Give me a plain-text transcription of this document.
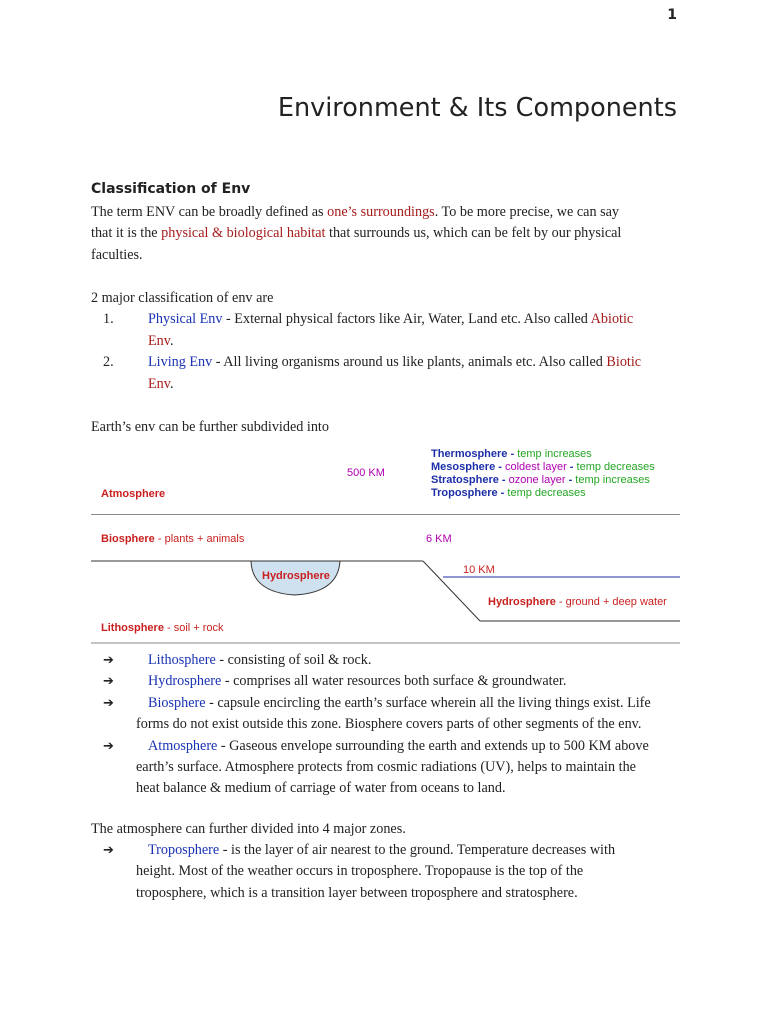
1
Environment & Its Components
Classification of Env
The term ENV can be broadly defined as one’s surroundings. To be more precise, we can say
that it is the physical & biological habitat that surrounds us, which can be felt by our physical
faculties.
2 major classification of env are
1. Physical Env - External physical factors like Air, Water, Land etc. Also called Abiotic
Env.
2. Living Env - All living organisms around us like plants, animals etc. Also called Biotic
Env.
Earth’s env can be further subdivided into
Thermosphere - temp increases
Mesosphere - coldest layer - temp decreases
Stratosphere - ozone layer - temp increases
Troposphere - temp decreases
500 KM
Atmosphere
Biosphere - plants + animals	6 KM
Hydrosphere	10 KM
Hydrosphere - ground + deep water
Lithosphere - soil + rock
➔ Lithosphere - consisting of soil & rock.
➔ Hydrosphere - comprises all water resources both surface & groundwater.
➔ Biosphere - capsule encircling the earth’s surface wherein all the living things exist. Life
forms do not exist outside this zone. Biosphere covers parts of other segments of the env.
➔ Atmosphere - Gaseous envelope surrounding the earth and extends up to 500 KM above
earth’s surface. Atmosphere protects from cosmic radiations (UV), helps to maintain the
heat balance & medium of carriage of water from oceans to land.
The atmosphere can further divided into 4 major zones.
➔ Troposphere - is the layer of air nearest to the ground. Temperature decreases with
height. Most of the weather occurs in troposphere. Tropopause is the top of the
troposphere, which is a transition layer between troposphere and stratosphere.
